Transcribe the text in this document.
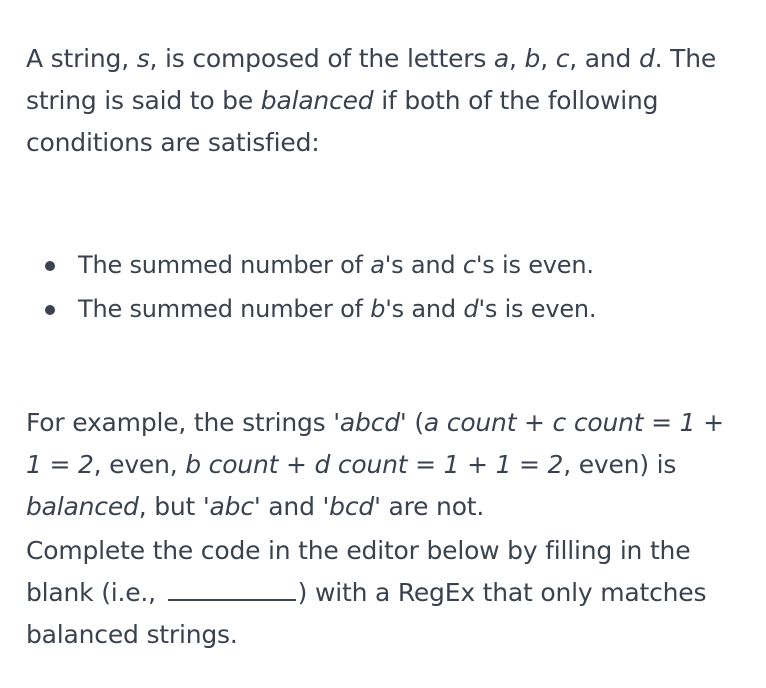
A string, s, is composed of the letters a, b, c, and d. The string is said to be balanced if both of the following conditions are satisfied:

The summed number of a's and c's is even.
The summed number of b's and d's is even.

For example, the strings 'abcd' (a count + c count = 1 + 1 = 2, even, b count + d count = 1 + 1 = 2, even) is balanced, but 'abc' and 'bcd' are not.

Complete the code in the editor below by filling in the blank (i.e.,	) with a RegEx that only matches balanced strings.
